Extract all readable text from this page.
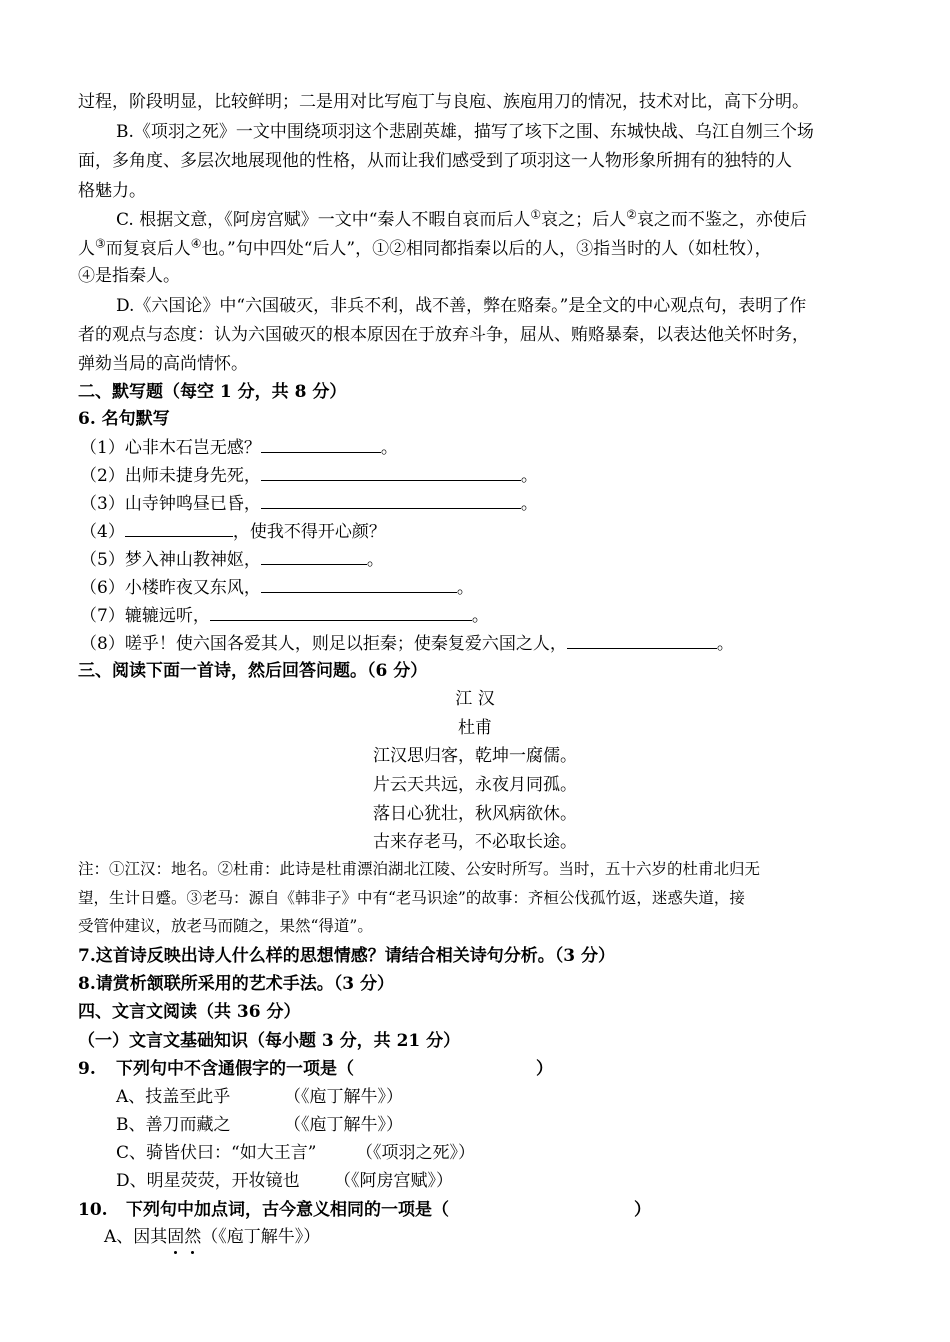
过程，阶段明显，比较鲜明；二是用对比写庖丁与良庖、族庖用刀的情况，技术对比，高下分明。
B.《项羽之死》一文中围绕项羽这个悲剧英雄，描写了垓下之围、东城快战、乌江自刎三个场
面，多角度、多层次地展现他的性格，从而让我们感受到了项羽这一人物形象所拥有的独特的人
格魅力。
C. 根据文意，《阿房宫赋》一文中“秦人不暇自哀而后人①哀之；后人②哀之而不鉴之，亦使后
人③而复哀后人④也。”句中四处“后人”，①②相同都指秦以后的人，③指当时的人（如杜牧），
④是指秦人。
D.《六国论》中“六国破灭，非兵不利，战不善，弊在赂秦。”是全文的中心观点句，表明了作
者的观点与态度：认为六国破灭的根本原因在于放弃斗争，屈从、贿赂暴秦，以表达他关怀时务，
弹劾当局的高尚情怀。
二、默写题（每空 1 分，共 8 分）
6. 名句默写
（1）心非木石岂无感？	。
（2）出师未捷身先死，	。
（3）山寺钟鸣昼已昏，	。
（4）	，使我不得开心颜？
（5）梦入神山教神妪，	。
（6）小楼昨夜又东风，	。
（7）辘辘远听，	。
（8）嗟乎！使六国各爱其人，则足以拒秦；使秦复爱六国之人，	。
三、阅读下面一首诗，然后回答问题。（6 分）
江 汉
杜甫
江汉思归客，乾坤一腐儒。
片云天共远，永夜月同孤。
落日心犹壮，秋风病欲休。
古来存老马，不必取长途。
注：①江汉：地名。②杜甫：此诗是杜甫漂泊湖北江陵、公安时所写。当时，五十六岁的杜甫北归无
望，生计日蹙。③老马：源自《韩非子》中有“老马识途”的故事：齐桓公伐孤竹返，迷惑失道，接
受管仲建议，放老马而随之，果然“得道”。
7.这首诗反映出诗人什么样的思想情感？请结合相关诗句分析。（3 分）
8.请赏析颔联所采用的艺术手法。（3 分）
四、文言文阅读（共 36 分）
（一）文言文基础知识（每小题 3 分，共 21 分）
9. 下列句中不含通假字的一项是（	）
A、技盖至此乎	（《庖丁解牛》）
B、善刀而藏之	（《庖丁解牛》）
C、骑皆伏曰：“如大王言” （《项羽之死》）
D、明星荧荧，开妆镜也 （《阿房宫赋》）
10. 下列句中加点词，古今意义相同的一项是（	）
A、因其固然（《庖丁解牛》）
